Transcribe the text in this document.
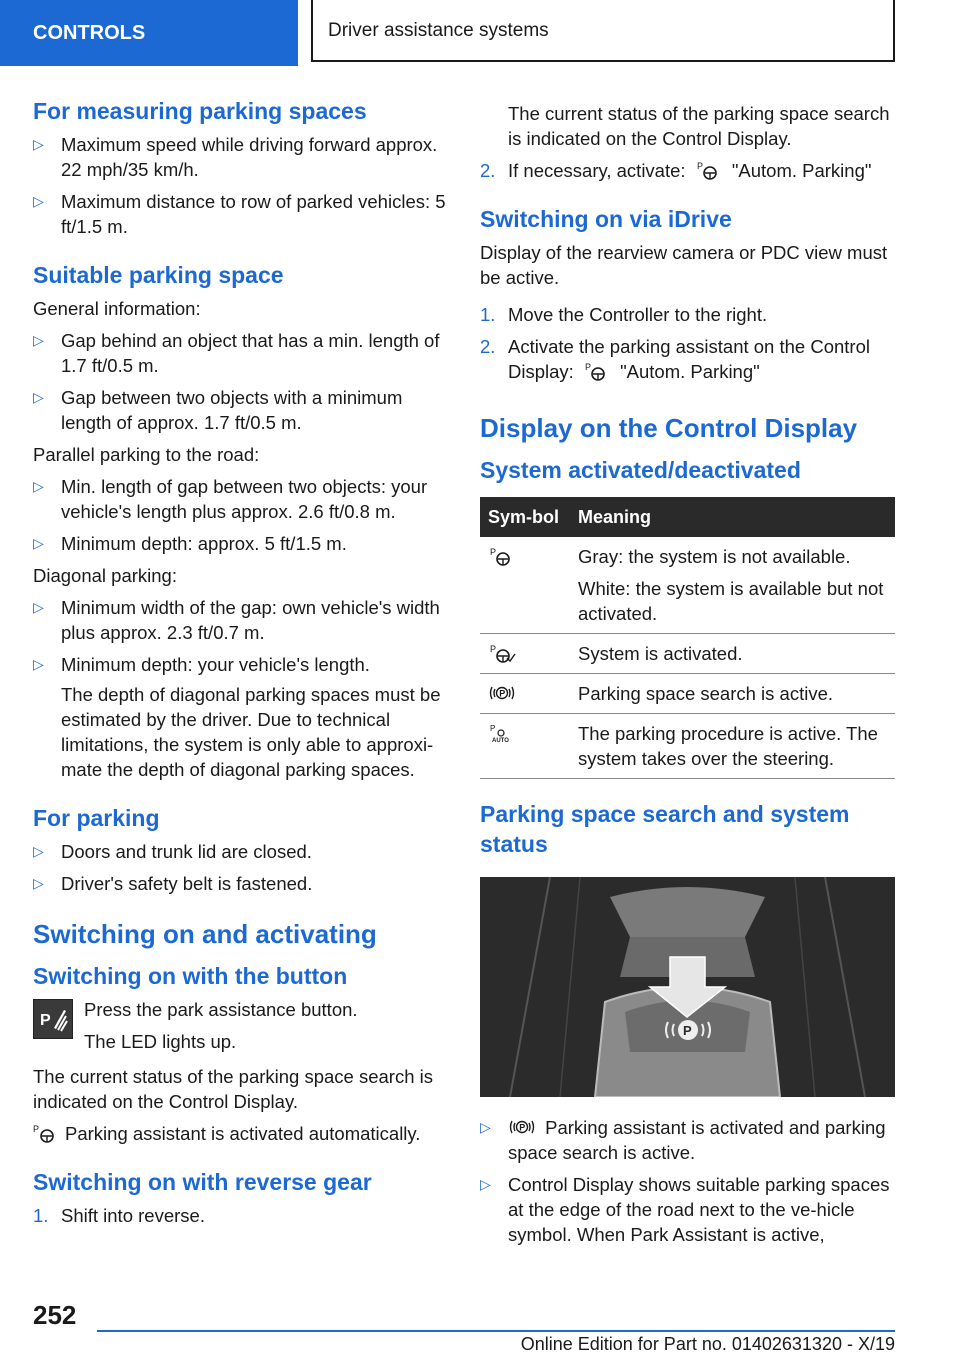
CONTROLS	Driver assistance systems
For measuring parking spaces
▷ Maximum speed while driving forward approx. 22 mph/35 km/h.
▷ Maximum distance to row of parked vehicles: 5 ft/1.5 m.
Suitable parking space

General information:

▷ Gap behind an object that has a min. length of 1.7 ft/0.5 m.
▷ Gap between two objects with a minimum length of approx. 1.7 ft/0.5 m.

Parallel parking to the road:

▷ Min. length of gap between two objects: your vehicle's length plus approx. 2.6 ft/0.8 m.
▷ Minimum depth: approx. 5 ft/1.5 m.

Diagonal parking:

▷ Minimum width of the gap: own vehicle's width plus approx. 2.3 ft/0.7 m.
▷ Minimum depth: your vehicle's length.

The depth of diagonal parking spaces must be estimated by the driver. Due to technical limitations, the system is only able to approxi‐mate the depth of diagonal parking spaces.

For parking
▷ Doors and trunk lid are closed.
▷ Driver's safety belt is fastened.
Switching on and activating
Switching on with the button
P

Press the park assistance button.

The LED lights up.

The current status of the parking space search is indicated on the Control Display.

P Parking assistant is activated automatically.

Switching on with reverse gear
1. Shift into reverse.

The current status of the parking space search is indicated on the Control Display.

2. If necessary, activate: P "Autom. Parking"
Switching on via iDrive

Display of the rearview camera or PDC view must be active.

1. Move the Controller to the right.
2. Activate the parking assistant on the Control Display: P "Autom. Parking"
Display on the Control Display
System activated/deactivated
Sym‐bol	Meaning

P	Gray: the system is not available.

White: the system is available but not activated.

P	System is activated.

P	Parking space search is active.

P
AUTO	The parking procedure is active. The system takes over the steering.

Parking space search and system status
P
▷	P Parking assistant is activated and parking space search is active.
▷ Control Display shows suitable parking spaces at the edge of the road next to the ve‐hicle symbol. When Park Assistant is active,
252
Online Edition for Part no. 01402631320 - X/19
